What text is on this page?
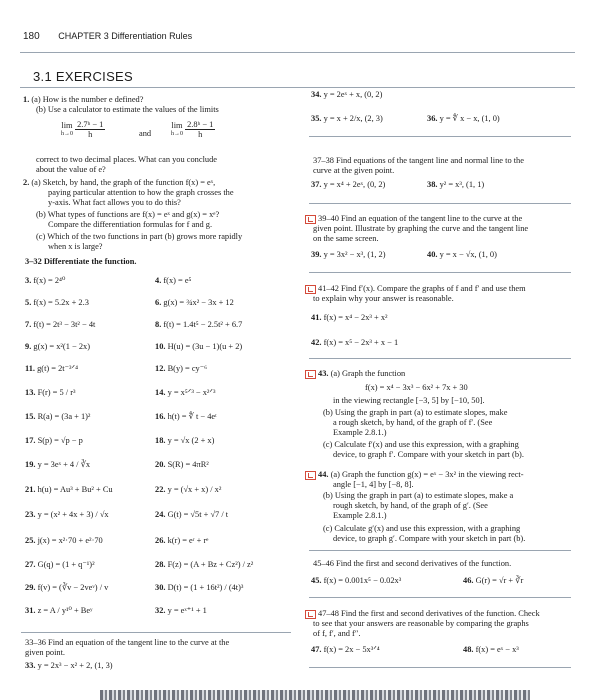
180 CHAPTER 3 Differentiation Rules
3.1 EXERCISES
1. (a) How is the number e defined?
(b) Use a calculator to estimate the values of the limits
lim
h→0
$\frac{\text{2.7ʰ − 1}}{h}$	and
lim
h→0
$\frac{\text{2.8ʰ − 1}}{h}$
correct to two decimal places. What can you conclude
about the value of e?
2. (a) Sketch, by hand, the graph of the function f(x) = eˣ,
paying particular attention to how the graph crosses the
y-axis. What fact allows you to do this?
(b) What types of functions are f(x) = eˣ and g(x) = xᵉ?
Compare the differentiation formulas for f and g.
(c) Which of the two functions in part (b) grows more rapidly
when x is large?
3–32 Differentiate the function.
3. f(x) = 2⁴⁰	4. f(x) = e⁵
5. f(x) = 5.2x + 2.3	6. g(x) = ¾x² − 3x + 12
7. f(t) = 2t³ − 3t² − 4t	8. f(t) = 1.4t⁵ − 2.5t² + 6.7
9. g(x) = x²(1 − 2x)	10. H(u) = (3u − 1)(u + 2)
11. g(t) = 2t⁻³ᐟ⁴	12. B(y) = cy⁻⁶
13. F(r) = 5 / r³	14. y = x⁵ᐟ³ − x²ᐟ³
15. R(a) = (3a + 1)²	16. h(t) = ∜ t − 4eᵗ
17. S(p) = √p − p	18. y = √x (2 + x)
19. y = 3eˣ + 4 / ∛x	20. S(R) = 4πR²
21. h(u) = Au³ + Bu² + Cu	22. y = (√x + x) / x²
23. y = (x² + 4x + 3) / √x	24. G(t) = √5t + √7 / t
25. j(x) = x²·70 + e²·70	26. k(r) = eʳ + rᵉ
27. G(q) = (1 + q⁻¹)²	28. F(z) = (A + Bz + Cz²) / z²
29. f(v) = (∛v − 2veᵛ) / v	30. D(t) = (1 + 16t²) / (4t)³
31. z = A / y¹⁰ + Beʸ	32. y = eˣ⁺¹ + 1
33–36 Find an equation of the tangent line to the curve at the
given point.
33. y = 2x³ − x² + 2, (1, 3)
34. y = 2eˣ + x, (0, 2)
35. y = x + 2/x, (2, 3)	36. y = ∜ x − x, (1, 0)
37–38 Find equations of the tangent line and normal line to the
curve at the given point.
37. y = x⁴ + 2eˣ, (0, 2)	38. y² = x³, (1, 1)
39–40 Find an equation of the tangent line to the curve at the
given point. Illustrate by graphing the curve and the tangent line
on the same screen.
39. y = 3x² − x³, (1, 2)	40. y = x − √x, (1, 0)
41–42 Find f′(x). Compare the graphs of f and f′ and use them
to explain why your answer is reasonable.
41. f(x) = x⁴ − 2x³ + x²
42. f(x) = x⁵ − 2x³ + x − 1
43. (a) Graph the function
f(x) = x⁴ − 3x³ − 6x² + 7x + 30
in the viewing rectangle [−3, 5] by [−10, 50].
(b) Using the graph in part (a) to estimate slopes, make
a rough sketch, by hand, of the graph of f′. (See
Example 2.8.1.)
(c) Calculate f′(x) and use this expression, with a graphing
device, to graph f′. Compare with your sketch in part (b).
44. (a) Graph the function g(x) = eˣ − 3x² in the viewing rect-
angle [−1, 4] by [−8, 8].
(b) Using the graph in part (a) to estimate slopes, make a
rough sketch, by hand, of the graph of g′. (See
Example 2.8.1.)
(c) Calculate g′(x) and use this expression, with a graphing
device, to graph g′. Compare with your sketch in part (b).
45–46 Find the first and second derivatives of the function.
45. f(x) = 0.001x⁵ − 0.02x³	46. G(r) = √r + ∛r
47–48 Find the first and second derivatives of the function. Check
to see that your answers are reasonable by comparing the graphs
of f, f′, and f″.
47. f(x) = 2x − 5x³ᐟ⁴	48. f(x) = eˣ − x³
